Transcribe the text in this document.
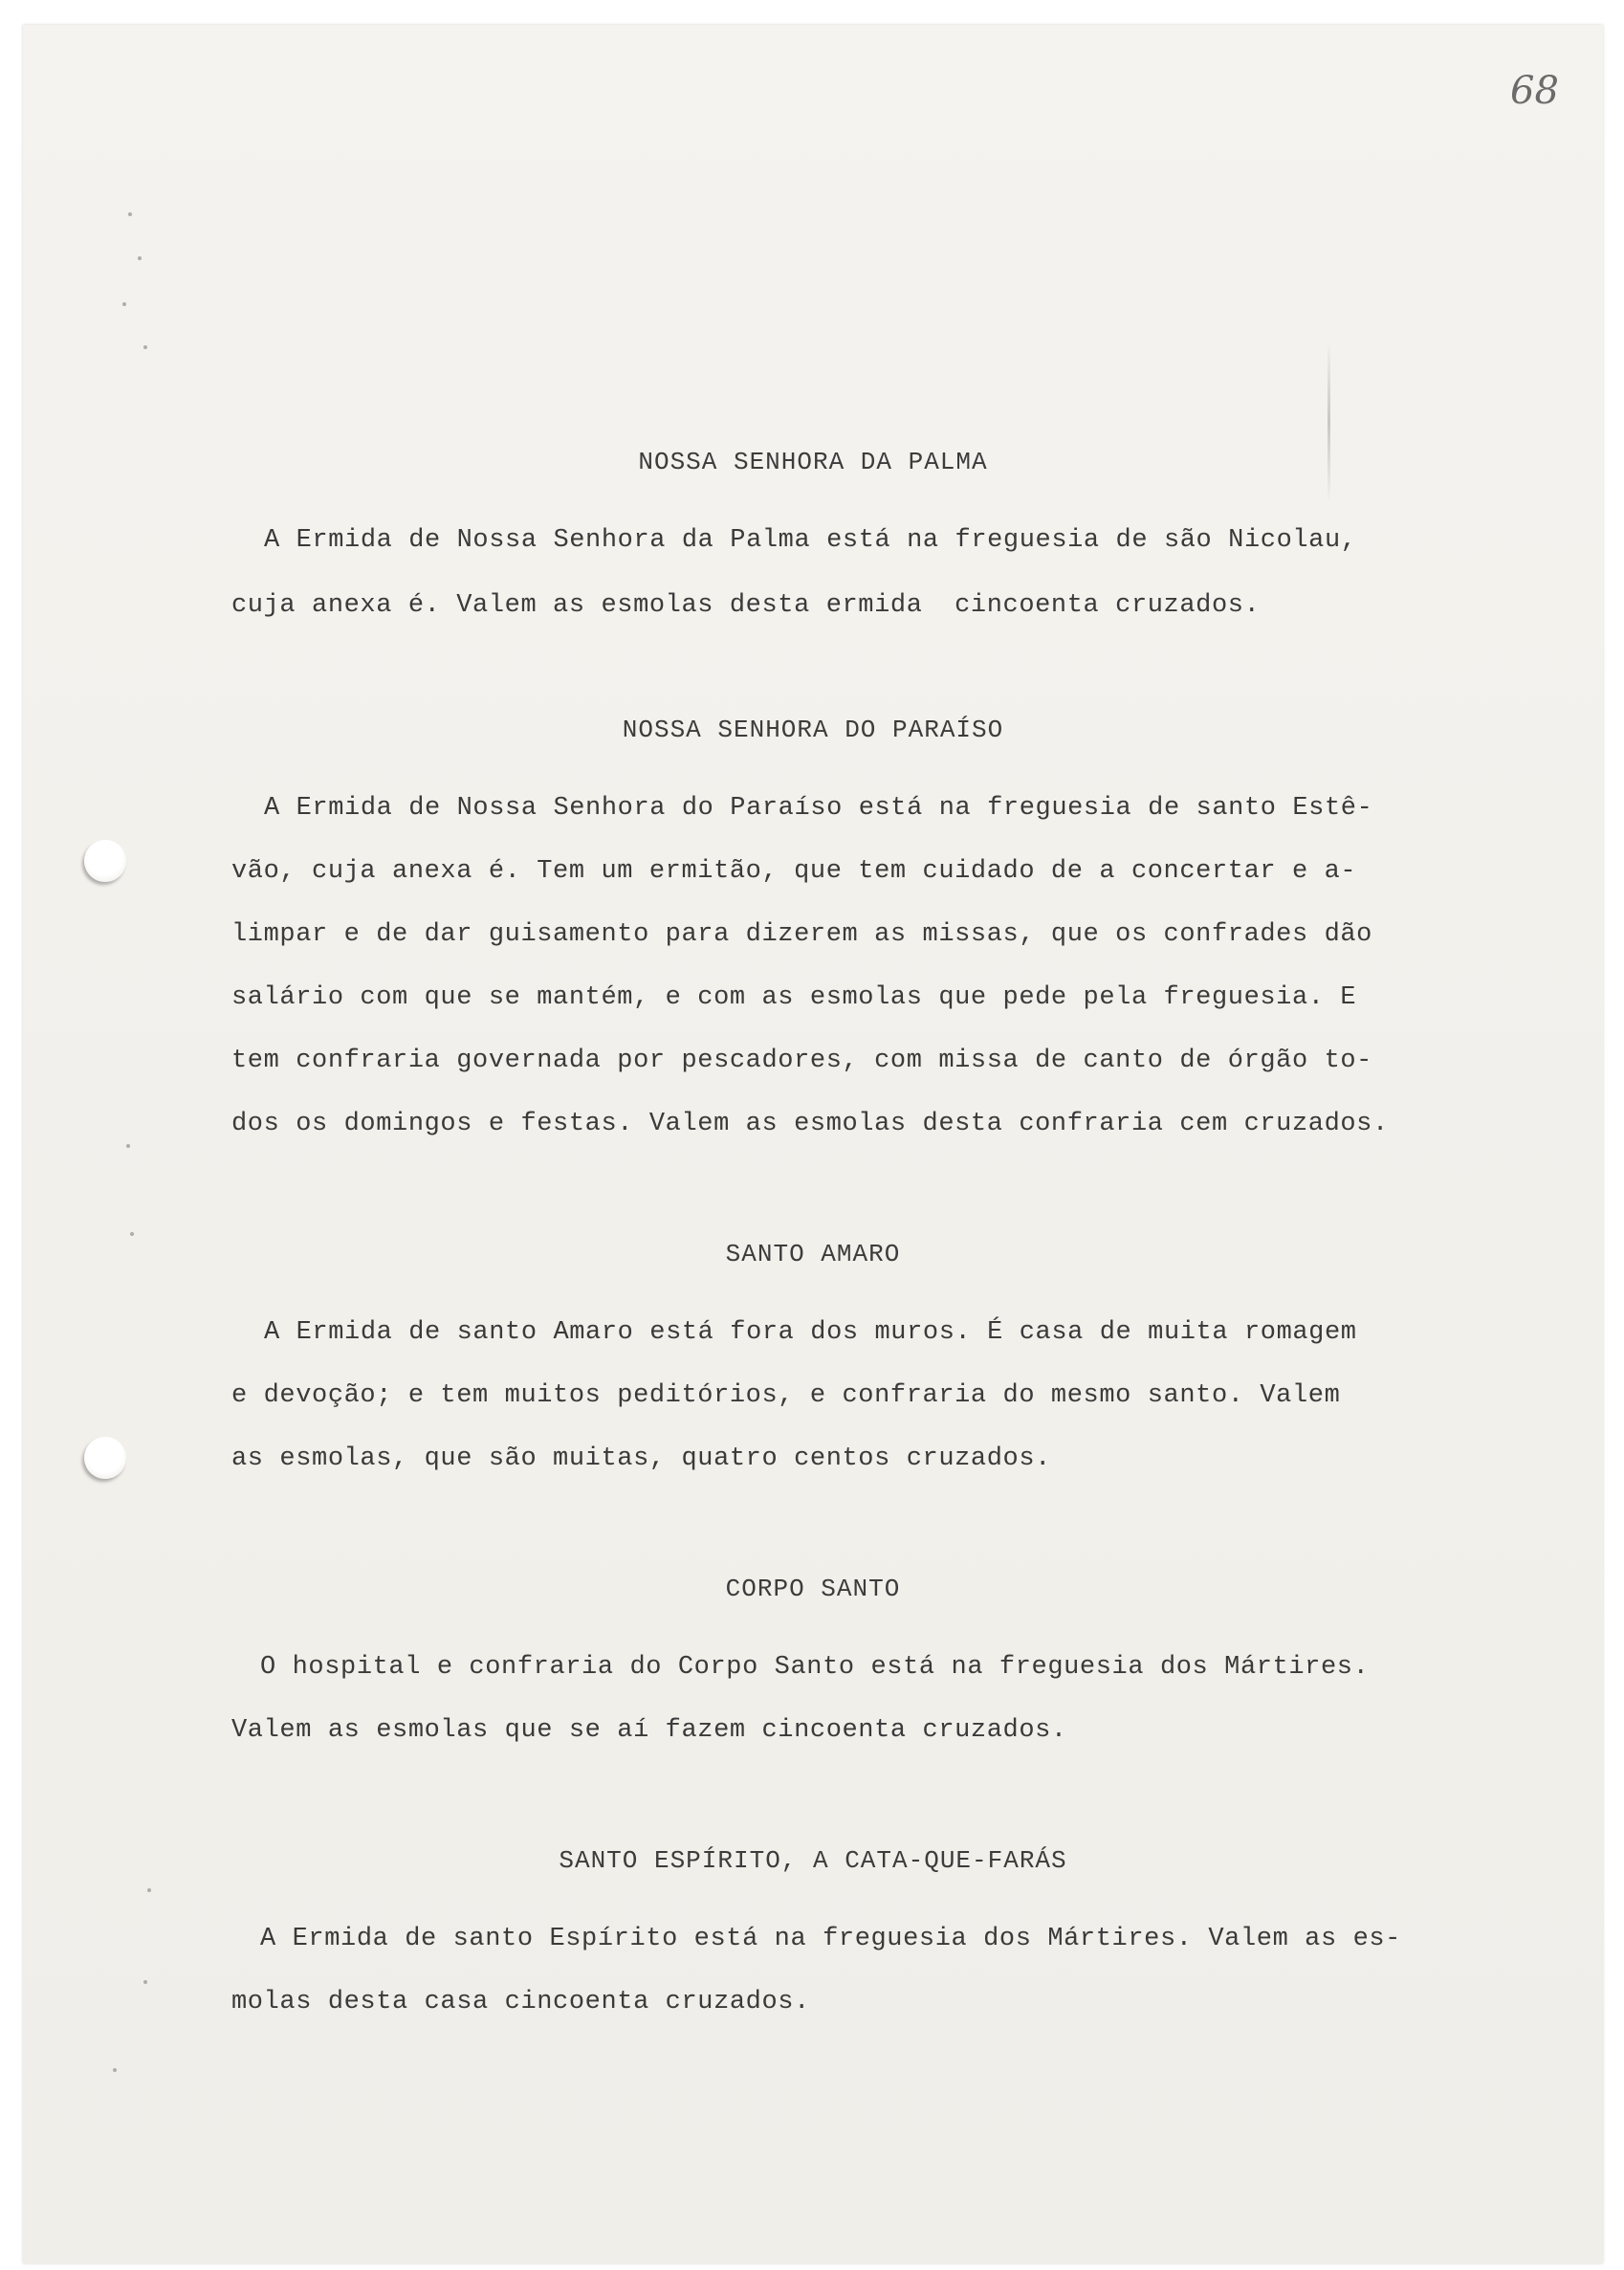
68
NOSSA SENHORA DA PALMA
A Ermida de Nossa Senhora da Palma está na freguesia de são Nicolau,
cuja anexa é. Valem as esmolas desta ermida  cincoenta cruzados.
NOSSA SENHORA DO PARAÍSO
A Ermida de Nossa Senhora do Paraíso está na freguesia de santo Estê-
vão, cuja anexa é. Tem um ermitão, que tem cuidado de a concertar e a-
limpar e de dar guisamento para dizerem as missas, que os confrades dão
salário com que se mantém, e com as esmolas que pede pela freguesia. E
tem confraria governada por pescadores, com missa de canto de órgão to-
dos os domingos e festas. Valem as esmolas desta confraria cem cruzados.
SANTO AMARO
A Ermida de santo Amaro está fora dos muros. É casa de muita romagem
e devoção; e tem muitos peditórios, e confraria do mesmo santo. Valem
as esmolas, que são muitas, quatro centos cruzados.
CORPO SANTO
O hospital e confraria do Corpo Santo está na freguesia dos Mártires.
Valem as esmolas que se aí fazem cincoenta cruzados.
SANTO ESPÍRITO, A CATA-QUE-FARÁS
A Ermida de santo Espírito está na freguesia dos Mártires. Valem as es-
molas desta casa cincoenta cruzados.
